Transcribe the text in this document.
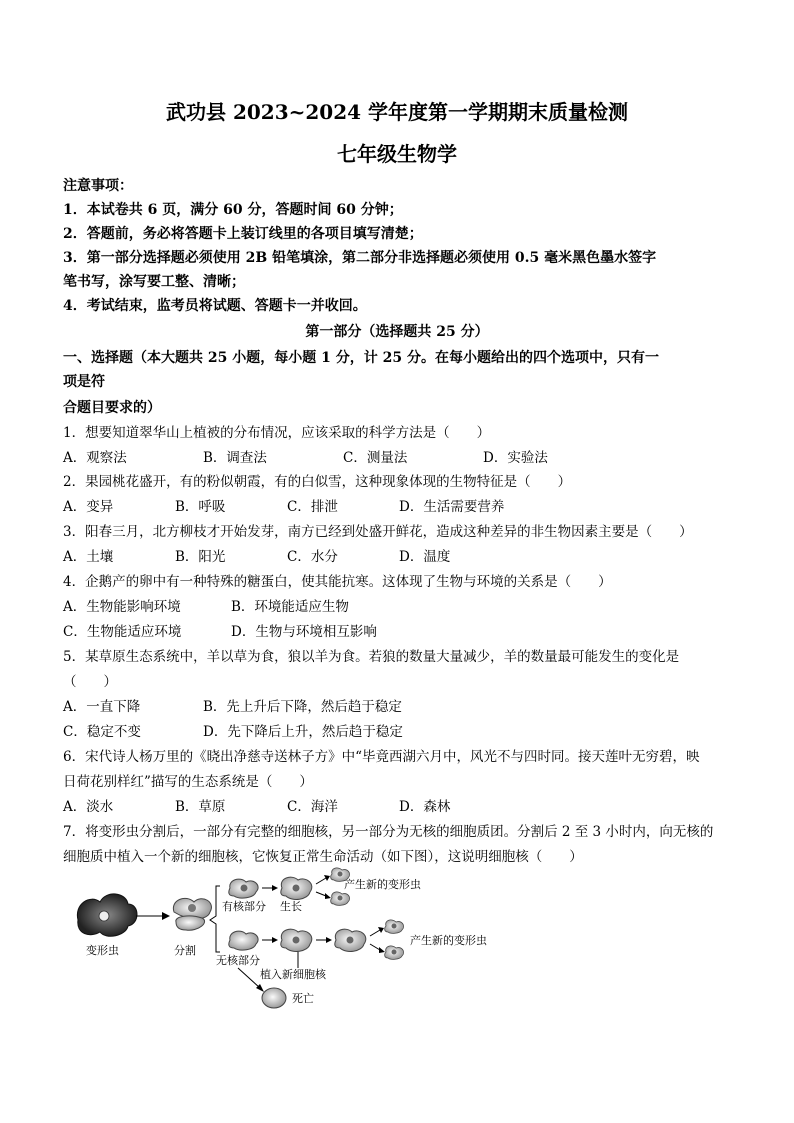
武功县 2023~2024 学年度第一学期期末质量检测
七年级生物学
注意事项：
1．本试卷共 6 页，满分 60 分，答题时间 60 分钟；
2．答题前，务必将答题卡上装订线里的各项目填写清楚；
3．第一部分选择题必须使用 2B 铅笔填涂，第二部分非选择题必须使用 0.5 毫米黑色墨水签字
笔书写，涂写要工整、清晰；
4．考试结束，监考员将试题、答题卡一并收回。
第一部分（选择题共 25 分）
一、选择题（本大题共 25 小题，每小题 1 分，计 25 分。在每小题给出的四个选项中，只有一
项是符
合题目要求的）
1．想要知道翠华山上植被的分布情况，应该采取的科学方法是（　　）
A．观察法	B．调查法	C．测量法	D．实验法
2．果园桃花盛开，有的粉似朝霞，有的白似雪，这种现象体现的生物特征是（　　）
A．变异	B．呼吸	C．排泄	D．生活需要营养
3．阳春三月，北方柳枝才开始发芽，南方已经到处盛开鲜花，造成这种差异的非生物因素主要是（　　）
A．土壤	B．阳光	C．水分	D．温度
4．企鹅产的卵中有一种特殊的糖蛋白，使其能抗寒。这体现了生物与环境的关系是（　　）
A．生物能影响环境	B．环境能适应生物
C．生物能适应环境	D．生物与环境相互影响
5．某草原生态系统中，羊以草为食，狼以羊为食。若狼的数量大量减少，羊的数量最可能发生的变化是
（　　）
A．一直下降	B．先上升后下降，然后趋于稳定
C．稳定不变	D．先下降后上升，然后趋于稳定
6．宋代诗人杨万里的《晓出净慈寺送林子方》中“毕竟西湖六月中，风光不与四时同。接天莲叶无穷碧，映
日荷花别样红”描写的生态系统是（　　）
A．淡水	B．草原	C．海洋	D．森林
7．将变形虫分割后，一部分有完整的细胞核，另一部分为无核的细胞质团。分割后 2 至 3 小时内，向无核的
细胞质中植入一个新的细胞核，它恢复正常生命活动（如下图），这说明细胞核（　　）
变形虫	分割
有核部分 生长
产生新的变形虫
产生新的变形虫
无核部分
植入新细胞核
死亡
